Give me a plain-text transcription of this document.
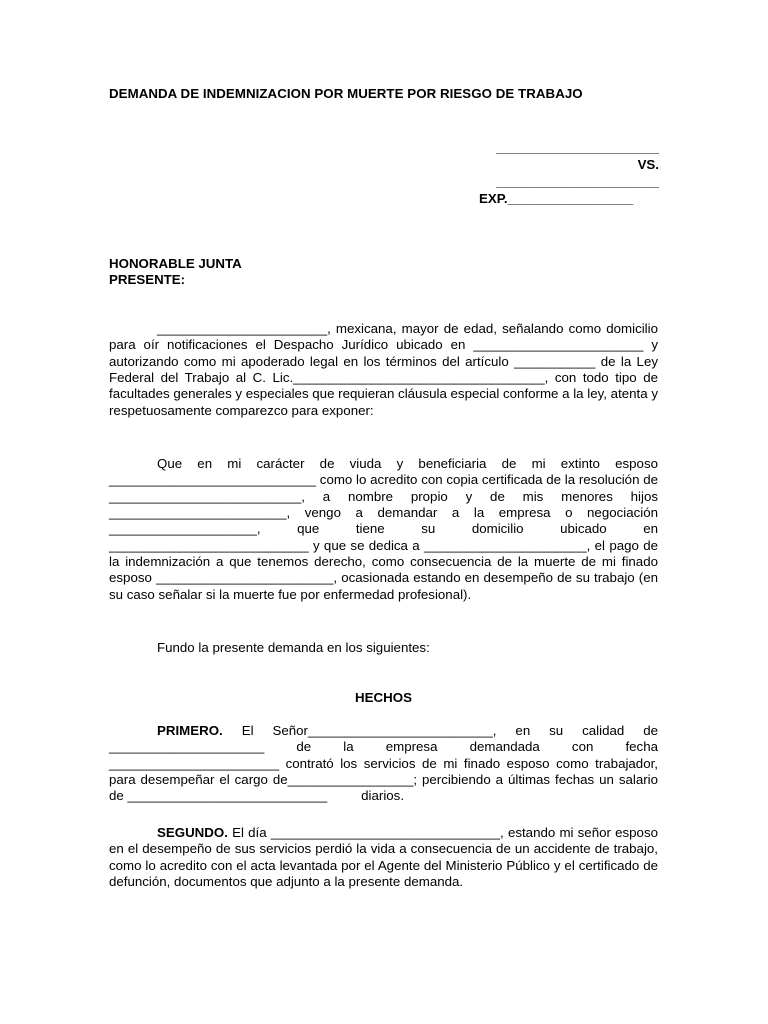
DEMANDA DE INDEMNIZACION POR MUERTE POR RIESGO DE TRABAJO
______________________
VS.
______________________
EXP._________________
HONORABLE JUNTA
PRESENTE:
_______________________, mexicana, mayor de edad, señalando como domicilio para oír notificaciones el Despacho Jurídico ubicado en _______________________ y autorizando como mi apoderado legal en los términos del artículo ___________ de la Ley Federal del Trabajo al C. Lic.__________________________________, con todo tipo de facultades generales y especiales que requieran cláusula especial conforme a la ley, atenta y respetuosamente comparezco para exponer:
Que en mi carácter de viuda y beneficiaria de mi extinto esposo ____________________________ como lo acredito con copia certificada de la resolución de __________________________, a nombre propio y de mis menores hijos ________________________, vengo a demandar a la empresa o negociación ____________________, que tiene su domicilio ubicado en ___________________________ y que se dedica a ______________________, el pago de la indemnización a que tenemos derecho, como consecuencia de la muerte de mi finado esposo ________________________, ocasionada estando en desempeño de su trabajo (en su caso señalar si la muerte fue por enfermedad profesional).
Fundo la presente demanda en los siguientes:
HECHOS
PRIMERO. El Señor_________________________, en su calidad de _____________________ de la empresa demandada con fecha _______________________ contrató los servicios de mi finado esposo como trabajador, para desempeñar el cargo de_________________; percibiendo a últimas fechas un salario de ___________________________	diarios.
SEGUNDO. El día _______________________________, estando mi señor esposo en el desempeño de sus servicios perdió la vida a consecuencia de un accidente de trabajo, como lo acredito con el acta levantada por el Agente del Ministerio Público y el certificado de defunción, documentos que adjunto a la presente demanda.
